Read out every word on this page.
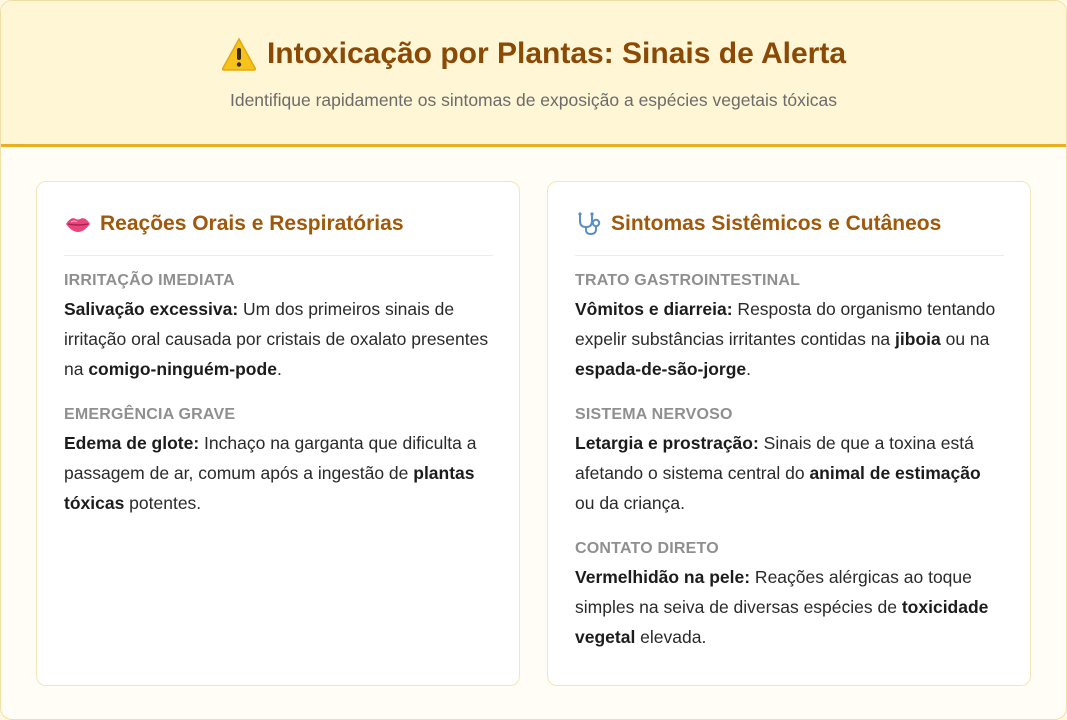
Intoxicação por Plantas: Sinais de Alerta
Identifique rapidamente os sintomas de exposição a espécies vegetais tóxicas
Reações Orais e Respiratórias
IRRITAÇÃO IMEDIATA
Salivação excessiva: Um dos primeiros sinais de irritação oral causada por cristais de oxalato presentes na comigo-ninguém-pode.
EMERGÊNCIA GRAVE
Edema de glote: Inchaço na garganta que dificulta a passagem de ar, comum após a ingestão de plantas tóxicas potentes.
Sintomas Sistêmicos e Cutâneos
TRATO GASTROINTESTINAL
Vômitos e diarreia: Resposta do organismo tentando expelir substâncias irritantes contidas na jiboia ou na espada-de-são-jorge.
SISTEMA NERVOSO
Letargia e prostração: Sinais de que a toxina está afetando o sistema central do animal de estimação ou da criança.
CONTATO DIRETO
Vermelhidão na pele: Reações alérgicas ao toque simples na seiva de diversas espécies de toxicidade vegetal elevada.
